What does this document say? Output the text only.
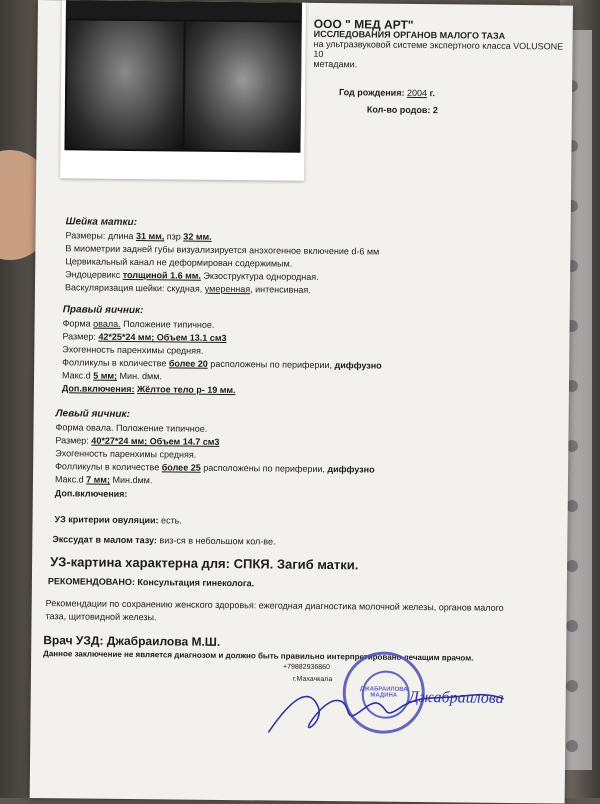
ООО " МЕД АРТ"
ИССЛЕДОВАНИЯ ОРГАНОВ МАЛОГО ТАЗА
на ультразвуковой системе экспертного класса VOLUSONE 10
метадами.
Год рождения: 2004 г.
Кол-во родов: 2
Шейка матки:
Размеры: длина 31 мм, пзр 32 мм.
В миометрии задней губы визуализируется анэхогенное включение d-6 мм
Цервикальный канал не деформирован содержимым.
Эндоцервикс толщиной 1.6 мм. Экзоструктура однородная.
Васкуляризация шейки: скудная, умеренная, интенсивная.
Правый яичник:
Форма овала. Положение типичное.
Размер: 42*25*24 мм; Объем 13.1 см3
Эхогенность паренхимы средняя.
Фолликулы в количестве более 20 расположены по периферии, диффузно
Макс.d 5 мм; Мин. dмм.
Доп.включения: Жёлтое тело р- 19 мм.
Левый яичник:
Форма овала. Положение типичное.
Размер: 40*27*24 мм; Объем 14.7 см3
Эхогенность паренхимы средняя.
Фолликулы в количестве более 25 расположены по периферии, диффузно
Макс.d 7 мм; Мин.dмм.
Доп.включения:
УЗ критерии овуляции: есть.
Экссудат в малом тазу: виз-ся в небольшом кол-ве.
УЗ-картина характерна для: СПКЯ. Загиб матки.
РЕКОМЕНДОВАНО: Консультация гинеколога.
Рекомендации по сохранению женского здоровья: ежегодная диагностика молочной железы, органов малого
таза, щитовидной железы.
Врач УЗД: Джабраилова М.Ш.
Данное заключение не является диагнозом и должно быть правильно интерпретировано лечащим врачом.
+79882936860
г.Махачкала
ДЖАБРАИЛОВА МАДИНА Джабраилова
